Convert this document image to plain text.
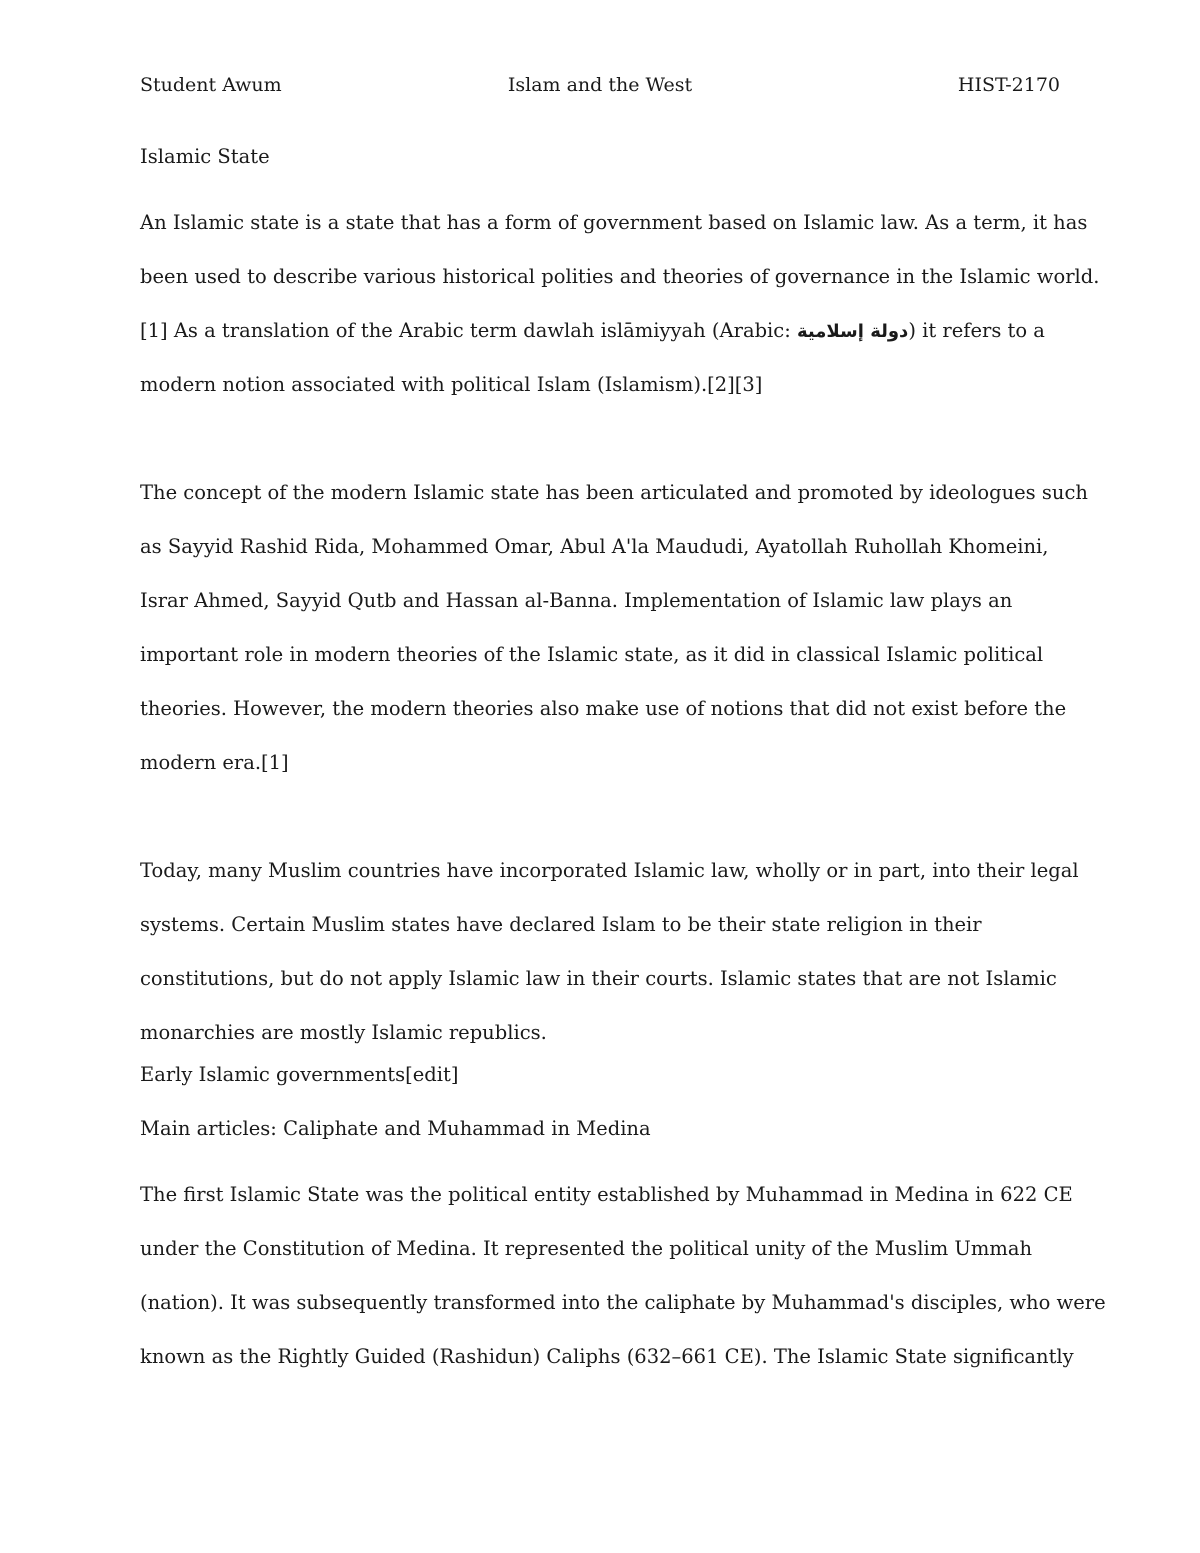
Student Awum	Islam and the West	HIST-2170
Islamic State

An Islamic state is a state that has a form of government based on Islamic law. As a term, it has
been used to describe various historical polities and theories of governance in the Islamic world.
[1] As a translation of the Arabic term dawlah islāmiyyah (Arabic: دولة إسلامية) it refers to a
modern notion associated with political Islam (Islamism).[2][3]

The concept of the modern Islamic state has been articulated and promoted by ideologues such
as Sayyid Rashid Rida, Mohammed Omar, Abul A'la Maududi, Ayatollah Ruhollah Khomeini,
Israr Ahmed, Sayyid Qutb and Hassan al-Banna. Implementation of Islamic law plays an
important role in modern theories of the Islamic state, as it did in classical Islamic political
theories. However, the modern theories also make use of notions that did not exist before the
modern era.[1]

Today, many Muslim countries have incorporated Islamic law, wholly or in part, into their legal
systems. Certain Muslim states have declared Islam to be their state religion in their
constitutions, but do not apply Islamic law in their courts. Islamic states that are not Islamic
monarchies are mostly Islamic republics.

Early Islamic governments[edit]
Main articles: Caliphate and Muhammad in Medina

The first Islamic State was the political entity established by Muhammad in Medina in 622 CE
under the Constitution of Medina. It represented the political unity of the Muslim Ummah
(nation). It was subsequently transformed into the caliphate by Muhammad's disciples, who were
known as the Rightly Guided (Rashidun) Caliphs (632–661 CE). The Islamic State significantly
